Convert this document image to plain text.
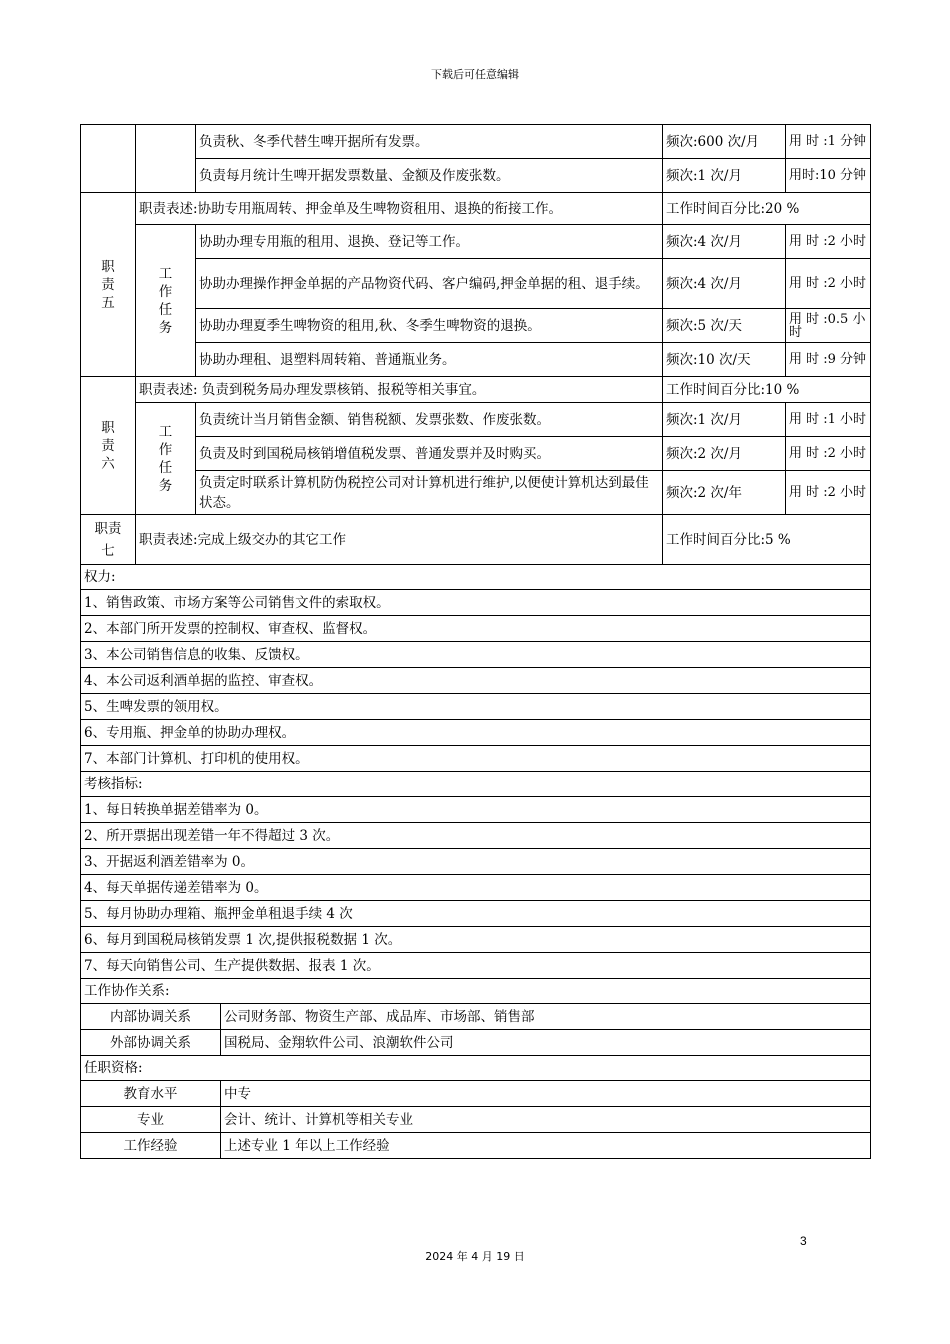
下载后可任意编辑
		负责秋、冬季代替生啤开据所有发票。	频次:600 次/月	用 时 :1 分钟
		负责每月统计生啤开据发票数量、金额及作废张数。	频次:1 次/月	用时:10 分钟
职责五	职责表述:协助专用瓶周转、押金单及生啤物资租用、退换的衔接工作。		工作时间百分比:20 %	
	工作任务	协助办理专用瓶的租用、退换、登记等工作。	频次:4 次/月	用 时 :2 小时
		协助办理操作押金单据的产品物资代码、客户编码,押金单据的租、退手续。	频次:4 次/月	用 时 :2 小时
		协助办理夏季生啤物资的租用,秋、冬季生啤物资的退换。	频次:5 次/天	用 时 :0.5 小时
		协助办理租、退塑料周转箱、普通瓶业务。	频次:10 次/天	用 时 :9 分钟
职责六	职责表述: 负责到税务局办理发票核销、报税等相关事宜。		工作时间百分比:10 %	
	工作任务	负责统计当月销售金额、销售税额、发票张数、作废张数。	频次:1 次/月	用 时 :1 小时
		负责及时到国税局核销增值税发票、普通发票并及时购买。	频次:2 次/月	用 时 :2 小时
		负责定时联系计算机防伪税控公司对计算机进行维护,以便使计算机达到最佳状态。	频次:2 次/年	用 时 :2 小时
职责七	职责表述:完成上级交办的其它工作		工作时间百分比:5 %	
权力:	
1、销售政策、市场方案等公司销售文件的索取权。	
2、本部门所开发票的控制权、审查权、监督权。	
3、本公司销售信息的收集、反馈权。	
4、本公司返利酒单据的监控、审查权。	
5、生啤发票的领用权。	
6、专用瓶、押金单的协助办理权。	
7、本部门计算机、打印机的使用权。	
考核指标:	
1、每日转换单据差错率为 0。	
2、所开票据出现差错一年不得超过 3 次。	
3、开据返利酒差错率为 0。	
4、每天单据传递差错率为 0。	
5、每月协助办理箱、瓶押金单租退手续 4 次	
6、每月到国税局核销发票 1 次,提供报税数据 1 次。	
7、每天向销售公司、生产提供数据、报表 1 次。	
工作协作关系:	
内部协调关系	公司财务部、物资生产部、成品库、市场部、销售部
外部协调关系	国税局、金翔软件公司、浪潮软件公司
任职资格:	
教育水平	中专
专业	会计、统计、计算机等相关专业
工作经验	上述专业 1 年以上工作经验
3
2024 年 4 月 19 日
